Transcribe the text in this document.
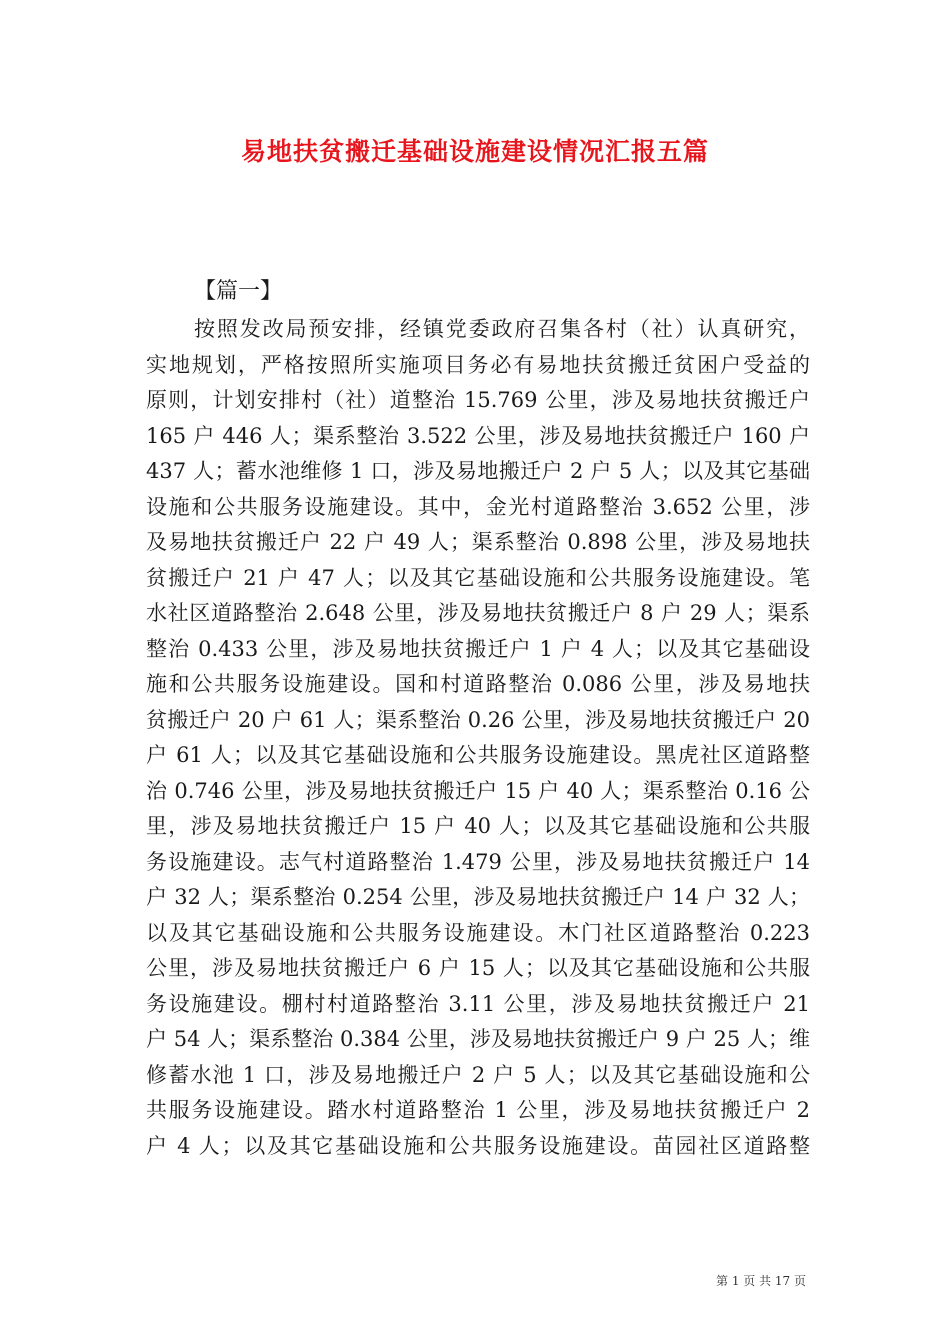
易地扶贫搬迁基础设施建设情况汇报五篇

【篇一】

按照发改局预安排，经镇党委政府召集各村（社）认真研究，
实地规划，严格按照所实施项目务必有易地扶贫搬迁贫困户受益的
原则，计划安排村（社）道整治 15.769 公里，涉及易地扶贫搬迁户
165 户 446 人；渠系整治 3.522 公里，涉及易地扶贫搬迁户 160 户
437 人；蓄水池维修 1 口，涉及易地搬迁户 2 户 5 人；以及其它基础
设施和公共服务设施建设。其中，金光村道路整治 3.652 公里，涉
及易地扶贫搬迁户 22 户 49 人；渠系整治 0.898 公里，涉及易地扶
贫搬迁户 21 户 47 人；以及其它基础设施和公共服务设施建设。笔
水社区道路整治 2.648 公里，涉及易地扶贫搬迁户 8 户 29 人；渠系
整治 0.433 公里，涉及易地扶贫搬迁户 1 户 4 人；以及其它基础设
施和公共服务设施建设。国和村道路整治 0.086 公里，涉及易地扶
贫搬迁户 20 户 61 人；渠系整治 0.26 公里，涉及易地扶贫搬迁户 20
户 61 人；以及其它基础设施和公共服务设施建设。黑虎社区道路整
治 0.746 公里，涉及易地扶贫搬迁户 15 户 40 人；渠系整治 0.16 公
里，涉及易地扶贫搬迁户 15 户 40 人；以及其它基础设施和公共服
务设施建设。志气村道路整治 1.479 公里，涉及易地扶贫搬迁户 14
户 32 人；渠系整治 0.254 公里，涉及易地扶贫搬迁户 14 户 32 人；
以及其它基础设施和公共服务设施建设。木门社区道路整治 0.223
公里，涉及易地扶贫搬迁户 6 户 15 人；以及其它基础设施和公共服
务设施建设。棚村村道路整治 3.11 公里，涉及易地扶贫搬迁户 21
户 54 人；渠系整治 0.384 公里，涉及易地扶贫搬迁户 9 户 25 人；维
修蓄水池 1 口，涉及易地搬迁户 2 户 5 人；以及其它基础设施和公
共服务设施建设。踏水村道路整治 1 公里，涉及易地扶贫搬迁户 2
户 4 人；以及其它基础设施和公共服务设施建设。苗园社区道路整
第 1 页 共 17 页
